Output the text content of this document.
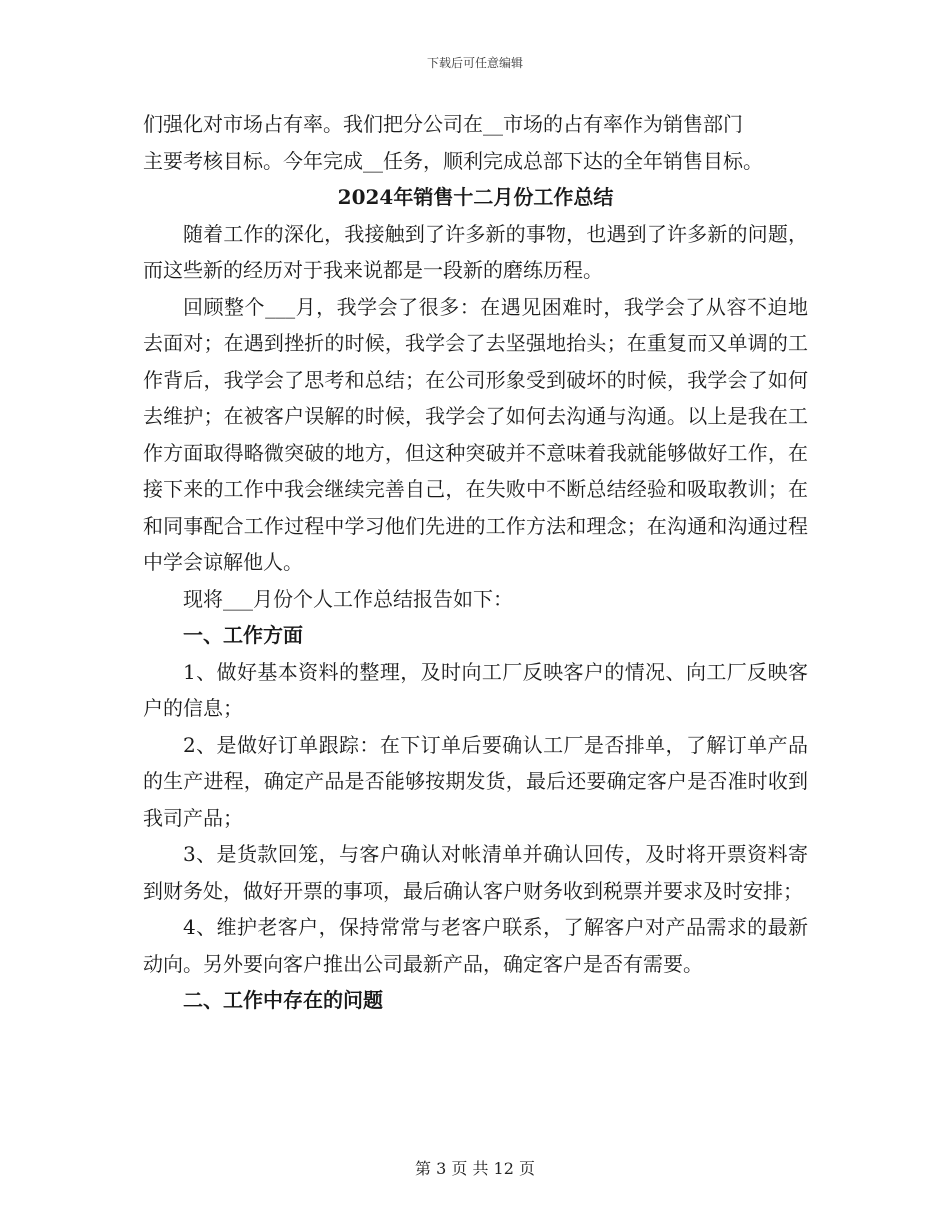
下载后可任意编辑

们强化对市场占有率。我们把分公司在__市场的占有率作为销售部门

主要考核目标。今年完成__任务，顺利完成总部下达的全年销售目标。

2024年销售十二月份工作总结

随着工作的深化，我接触到了许多新的事物，也遇到了许多新的问题，而这些新的经历对于我来说都是一段新的磨练历程。

回顾整个___月，我学会了很多：在遇见困难时，我学会了从容不迫地去面对；在遇到挫折的时候，我学会了去坚强地抬头；在重复而又单调的工作背后，我学会了思考和总结；在公司形象受到破坏的时候，我学会了如何去维护；在被客户误解的时候，我学会了如何去沟通与沟通。以上是我在工作方面取得略微突破的地方，但这种突破并不意味着我就能够做好工作，在接下来的工作中我会继续完善自己，在失败中不断总结经验和吸取教训；在和同事配合工作过程中学习他们先进的工作方法和理念；在沟通和沟通过程中学会谅解他人。

现将___月份个人工作总结报告如下：

一、工作方面

1、做好基本资料的整理，及时向工厂反映客户的情况、向工厂反映客户的信息；

2、是做好订单跟踪：在下订单后要确认工厂是否排单，了解订单产品的生产进程，确定产品是否能够按期发货，最后还要确定客户是否准时收到我司产品；

3、是货款回笼，与客户确认对帐清单并确认回传，及时将开票资料寄到财务处，做好开票的事项，最后确认客户财务收到税票并要求及时安排；

4、维护老客户，保持常常与老客户联系，了解客户对产品需求的最新动向。另外要向客户推出公司最新产品，确定客户是否有需要。

二、工作中存在的问题

第 3 页 共 12 页
